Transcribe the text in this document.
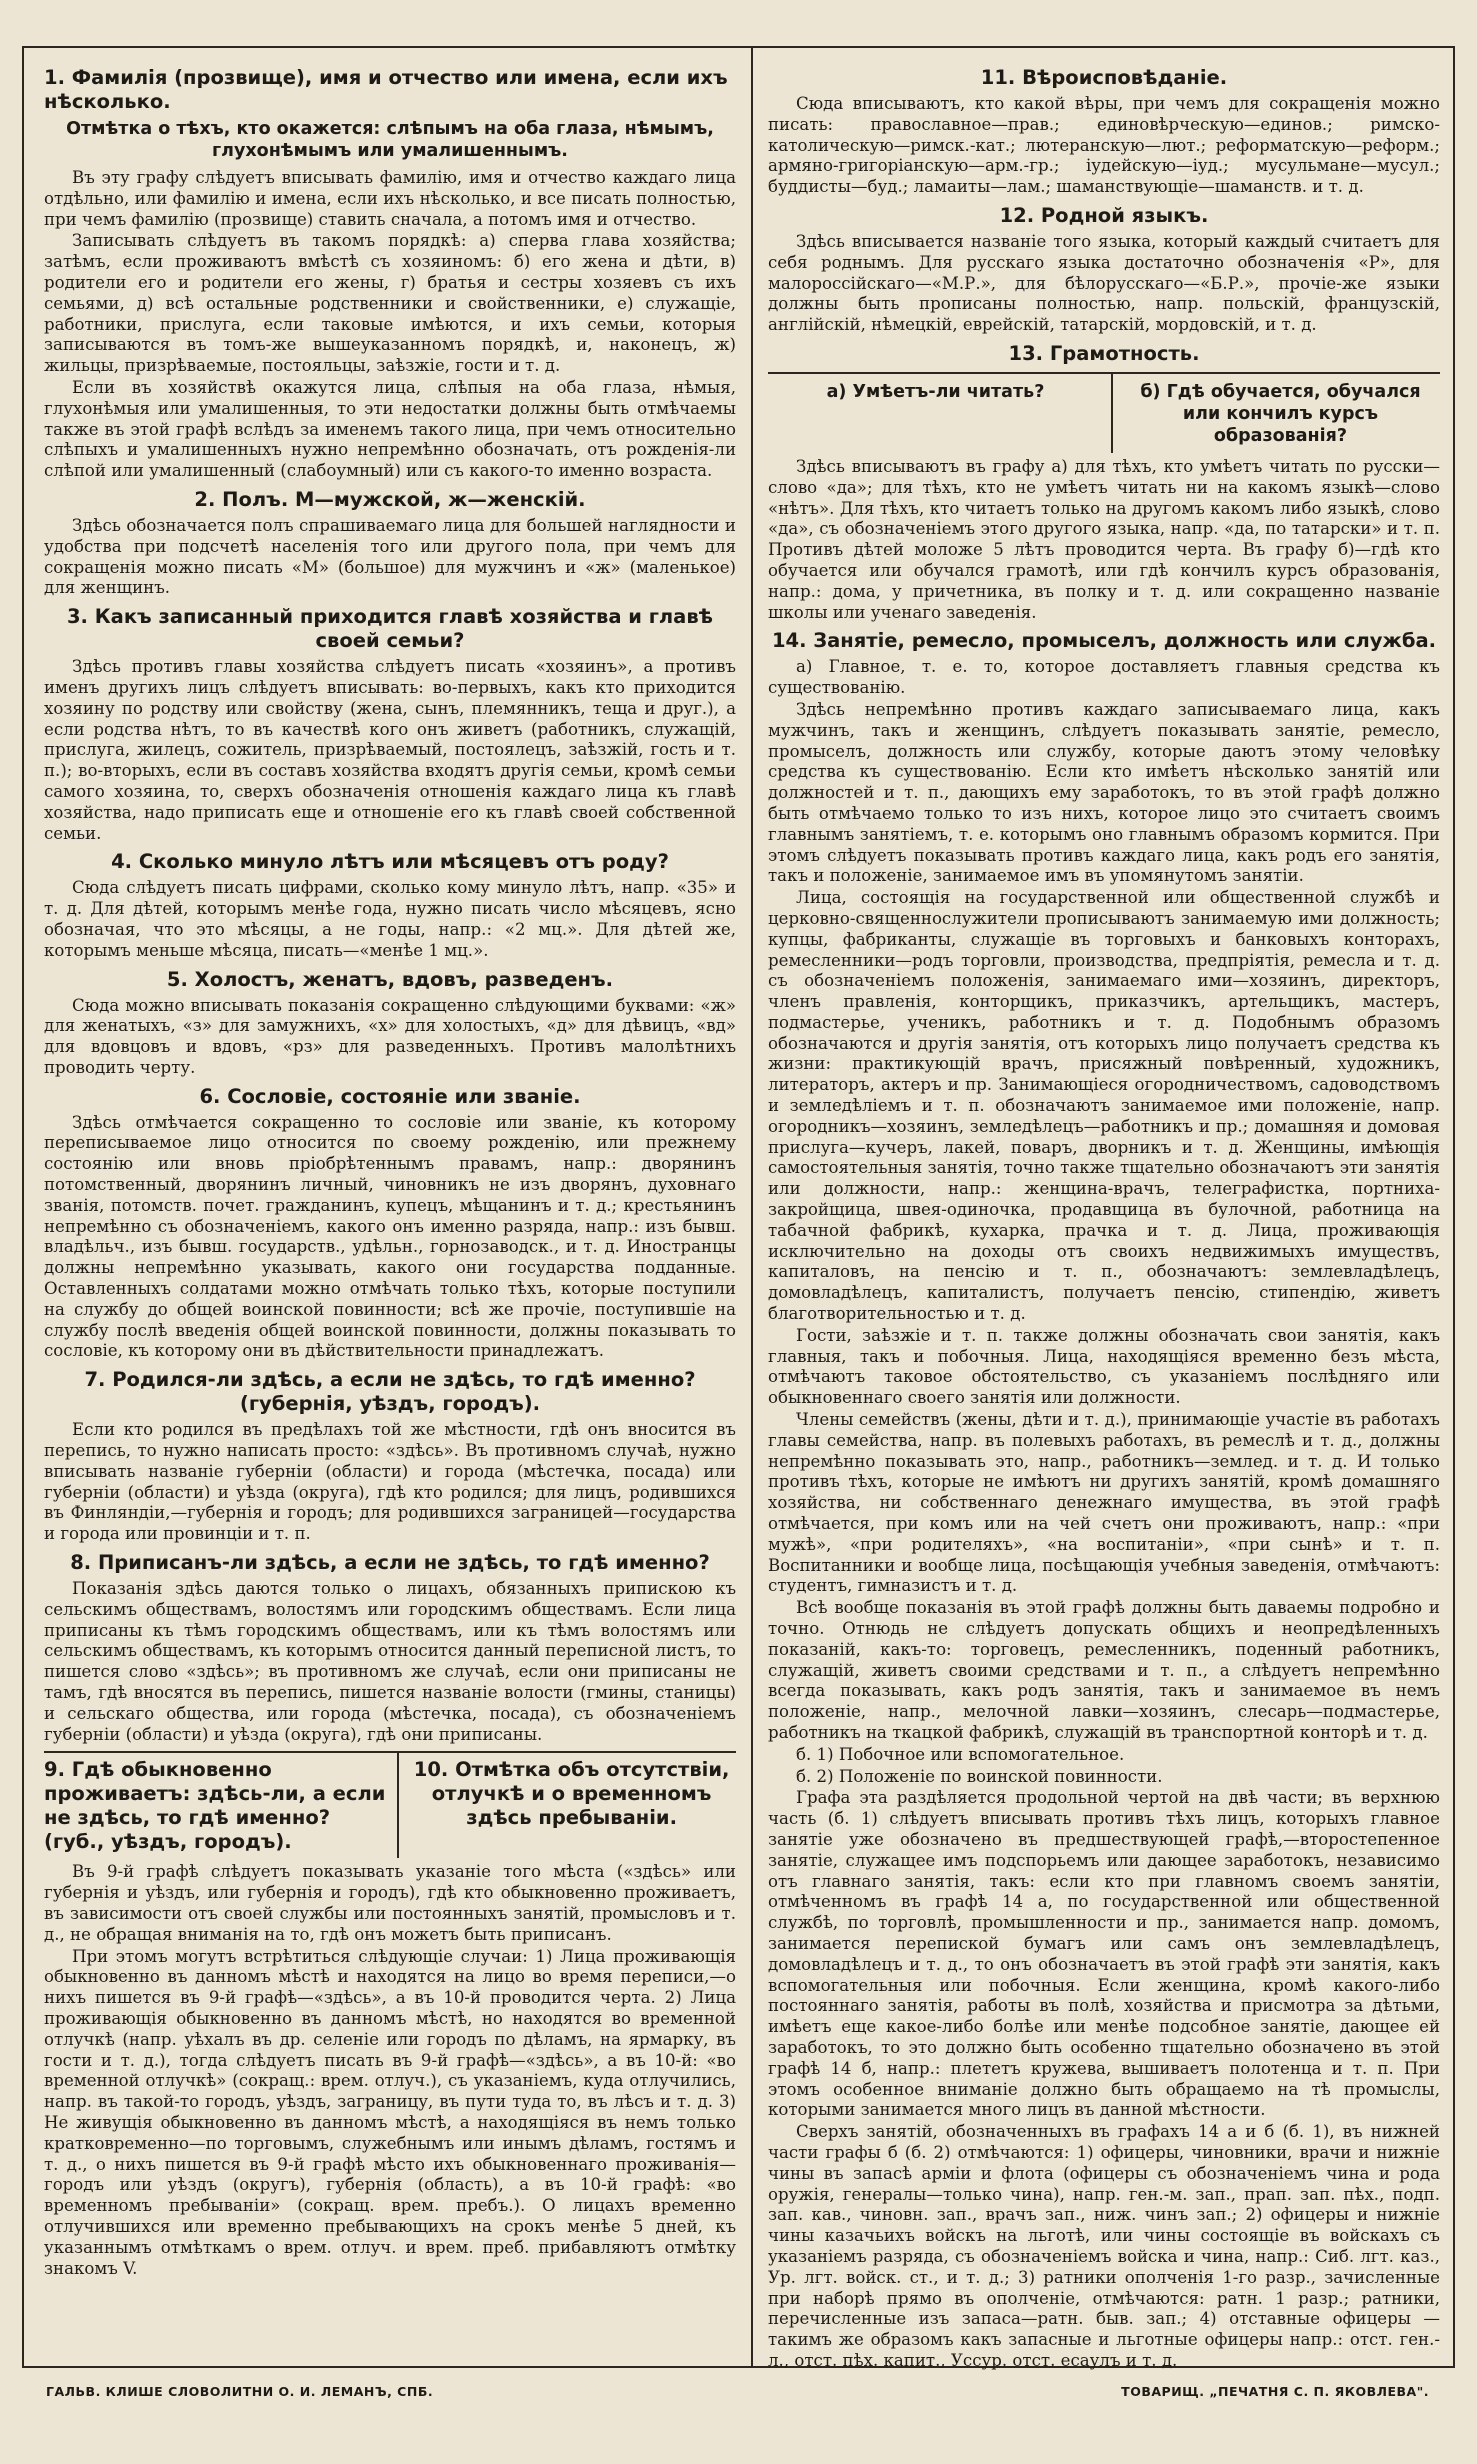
1. Фамилія (прозвище), имя и отчество или имена, если ихъ нѣсколько.
Отмѣтка о тѣхъ, кто окажется: слѣпымъ на оба глаза, нѣмымъ, глухонѣмымъ или умалишеннымъ.

Въ эту графу слѣдуетъ вписывать фамилію, имя и отчество каждаго лица отдѣльно, или фамилію и имена, если ихъ нѣсколько, и все писать полностью, при чемъ фамилію (прозвище) ставить сначала, а потомъ имя и отчество.

Записывать слѣдуетъ въ такомъ порядкѣ: а) сперва глава хозяйства; затѣмъ, если проживаютъ вмѣстѣ съ хозяиномъ: б) его жена и дѣти, в) родители его и родители его жены, г) братья и сестры хозяевъ съ ихъ семьями, д) всѣ остальные родственники и свойственники, е) служащіе, работники, прислуга, если таковые имѣются, и ихъ семьи, которыя записываются въ томъ-же вышеуказанномъ порядкѣ, и, наконецъ, ж) жильцы, призрѣваемые, постояльцы, заѣзжіе, гости и т. д.

Если въ хозяйствѣ окажутся лица, слѣпыя на оба глаза, нѣмыя, глухонѣмыя или умалишенныя, то эти недостатки должны быть отмѣчаемы также въ этой графѣ вслѣдъ за именемъ такого лица, при чемъ относительно слѣпыхъ и умалишенныхъ нужно непремѣнно обозначать, отъ рожденія-ли слѣпой или умалишенный (слабоумный) или съ какого-то именно возраста.

2. Полъ. М—мужской, ж—женскій.

Здѣсь обозначается полъ спрашиваемаго лица для большей наглядности и удобства при подсчетѣ населенія того или другого пола, при чемъ для сокращенія можно писать «М» (большое) для мужчинъ и «ж» (маленькое) для женщинъ.

3. Какъ записанный приходится главѣ хозяйства и главѣ своей семьи?

Здѣсь противъ главы хозяйства слѣдуетъ писать «хозяинъ», а противъ именъ другихъ лицъ слѣдуетъ вписывать: во-первыхъ, какъ кто приходится хозяину по родству или свойству (жена, сынъ, племянникъ, теща и друг.), а если родства нѣтъ, то въ качествѣ кого онъ живетъ (работникъ, служащій, прислуга, жилецъ, сожитель, призрѣваемый, постоялецъ, заѣзжій, гость и т. п.); во-вторыхъ, если въ составъ хозяйства входятъ другія семьи, кромѣ семьи самого хозяина, то, сверхъ обозначенія отношенія каждаго лица къ главѣ хозяйства, надо приписать еще и отношеніе его къ главѣ своей собственной семьи.

4. Сколько минуло лѣтъ или мѣсяцевъ отъ роду?

Сюда слѣдуетъ писать цифрами, сколько кому минуло лѣтъ, напр. «35» и т. д. Для дѣтей, которымъ менѣе года, нужно писать число мѣсяцевъ, ясно обозначая, что это мѣсяцы, а не годы, напр.: «2 мц.». Для дѣтей же, которымъ меньше мѣсяца, писать—«менѣе 1 мц.».

5. Холостъ, женатъ, вдовъ, разведенъ.

Сюда можно вписывать показанія сокращенно слѣдующими буквами: «ж» для женатыхъ, «з» для замужнихъ, «х» для холостыхъ, «д» для дѣвицъ, «вд» для вдовцовъ и вдовъ, «рз» для разведенныхъ. Противъ малолѣтнихъ проводить черту.

6. Сословіе, состояніе или званіе.

Здѣсь отмѣчается сокращенно то сословіе или званіе, къ которому переписываемое лицо относится по своему рожденію, или прежнему состоянію или вновь пріобрѣтеннымъ правамъ, напр.: дворянинъ потомственный, дворянинъ личный, чиновникъ не изъ дворянъ, духовнаго званія, потомств. почет. гражданинъ, купецъ, мѣщанинъ и т. д.; крестьянинъ непремѣнно съ обозначеніемъ, какого онъ именно разряда, напр.: изъ бывш. владѣльч., изъ бывш. государств., удѣльн., горнозаводск., и т. д. Иностранцы должны непремѣнно указывать, какого они государства подданные. Оставленныхъ солдатами можно отмѣчать только тѣхъ, которые поступили на службу до общей воинской повинности; всѣ же прочіе, поступившіе на службу послѣ введенія общей воинской повинности, должны показывать то сословіе, къ которому они въ дѣйствительности принадлежатъ.

7. Родился-ли здѣсь, а если не здѣсь, то гдѣ именно? (губернія, уѣздъ, городъ).

Если кто родился въ предѣлахъ той же мѣстности, гдѣ онъ вносится въ перепись, то нужно написать просто: «здѣсь». Въ противномъ случаѣ, нужно вписывать названіе губерніи (области) и города (мѣстечка, посада) или губерніи (области) и уѣзда (округа), гдѣ кто родился; для лицъ, родившихся въ Финляндіи,—губернія и городъ; для родившихся заграницей—государства и города или провинціи и т. п.

8. Приписанъ-ли здѣсь, а если не здѣсь, то гдѣ именно?

Показанія здѣсь даются только о лицахъ, обязанныхъ припискою къ сельскимъ обществамъ, волостямъ или городскимъ обществамъ. Если лица приписаны къ тѣмъ городскимъ обществамъ, или къ тѣмъ волостямъ или сельскимъ обществамъ, къ которымъ относится данный переписной листъ, то пишется слово «здѣсь»; въ противномъ же случаѣ, если они приписаны не тамъ, гдѣ вносятся въ перепись, пишется названіе волости (гмины, станицы) и сельскаго общества, или города (мѣстечка, посада), съ обозначеніемъ губерніи (области) и уѣзда (округа), гдѣ они приписаны.

9. Гдѣ обыкновенно проживаетъ: здѣсь-ли, а если не здѣсь, то гдѣ именно? (губ., уѣздъ, городъ).
10. Отмѣтка объ отсутствіи, отлучкѣ и о временномъ здѣсь пребываніи.

Въ 9-й графѣ слѣдуетъ показывать указаніе того мѣста («здѣсь» или губернія и уѣздъ, или губернія и городъ), гдѣ кто обыкновенно проживаетъ, въ зависимости отъ своей службы или постоянныхъ занятій, промысловъ и т. д., не обращая вниманія на то, гдѣ онъ можетъ быть приписанъ.

При этомъ могутъ встрѣтиться слѣдующіе случаи: 1) Лица проживающія обыкновенно въ данномъ мѣстѣ и находятся на лицо во время переписи,—о нихъ пишется въ 9-й графѣ—«здѣсь», а въ 10-й проводится черта. 2) Лица проживающія обыкновенно въ данномъ мѣстѣ, но находятся во временной отлучкѣ (напр. уѣхалъ въ др. селеніе или городъ по дѣламъ, на ярмарку, въ гости и т. д.), тогда слѣдуетъ писать въ 9-й графѣ—«здѣсь», а въ 10-й: «во временной отлучкѣ» (сокращ.: врем. отлуч.), съ указаніемъ, куда отлучились, напр. въ такой-то городъ, уѣздъ, заграницу, въ пути туда то, въ лѣсъ и т. д. 3) Не живущія обыкновенно въ данномъ мѣстѣ, а находящіяся въ немъ только кратковременно—по торговымъ, служебнымъ или инымъ дѣламъ, гостямъ и т. д., о нихъ пишется въ 9-й графѣ мѣсто ихъ обыкновеннаго проживанія—городъ или уѣздъ (округъ), губернія (область), а въ 10-й графѣ: «во временномъ пребываніи» (сокращ. врем. пребъ.). О лицахъ временно отлучившихся или временно пребывающихъ на срокъ менѣе 5 дней, къ указаннымъ отмѣткамъ о врем. отлуч. и врем. преб. прибавляютъ отмѣтку знакомъ V.

11. Вѣроисповѣданіе.

Сюда вписываютъ, кто какой вѣры, при чемъ для сокращенія можно писать: православное—прав.; единовѣрческую—единов.; римско-католическую—римск.-кат.; лютеранскую—лют.; реформатскую—реформ.; армяно-григоріанскую—арм.-гр.; іудейскую—іуд.; мусульмане—мусул.; буддисты—буд.; ламаиты—лам.; шаманствующіе—шаманств. и т. д.

12. Родной языкъ.

Здѣсь вписывается названіе того языка, который каждый считаетъ для себя роднымъ. Для русскаго языка достаточно обозначенія «Р», для малороссійскаго—«М.Р.», для бѣлорусскаго—«Б.Р.», прочіе-же языки должны быть прописаны полностью, напр. польскій, французскій, англійскій, нѣмецкій, еврейскій, татарскій, мордовскій, и т. д.

13. Грамотность.
а) Умѣетъ-ли читать?	б) Гдѣ обучается, обучался или кончилъ курсъ образованія?

Здѣсь вписываютъ въ графу а) для тѣхъ, кто умѣетъ читать по русски—слово «да»; для тѣхъ, кто не умѣетъ читать ни на какомъ языкѣ—слово «нѣтъ». Для тѣхъ, кто читаетъ только на другомъ какомъ либо языкѣ, слово «да», съ обозначеніемъ этого другого языка, напр. «да, по татарски» и т. п. Противъ дѣтей моложе 5 лѣтъ проводится черта. Въ графу б)—гдѣ кто обучается или обучался грамотѣ, или гдѣ кончилъ курсъ образованія, напр.: дома, у причетника, въ полку и т. д. или сокращенно названіе школы или ученаго заведенія.

14. Занятіе, ремесло, промыселъ, должность или служба.

а) Главное, т. е. то, которое доставляетъ главныя средства къ существованію.

Здѣсь непремѣнно противъ каждаго записываемаго лица, какъ мужчинъ, такъ и женщинъ, слѣдуетъ показывать занятіе, ремесло, промыселъ, должность или службу, которые даютъ этому человѣку средства къ существованію. Если кто имѣетъ нѣсколько занятій или должностей и т. п., дающихъ ему заработокъ, то въ этой графѣ должно быть отмѣчаемо только то изъ нихъ, которое лицо это считаетъ своимъ главнымъ занятіемъ, т. е. которымъ оно главнымъ образомъ кормится. При этомъ слѣдуетъ показывать противъ каждаго лица, какъ родъ его занятія, такъ и положеніе, занимаемое имъ въ упомянутомъ занятіи.

Лица, состоящія на государственной или общественной службѣ и церковно-священнослужители прописываютъ занимаемую ими должность; купцы, фабриканты, служащіе въ торговыхъ и банковыхъ конторахъ, ремесленники—родъ торговли, производства, предпріятія, ремесла и т. д. съ обозначеніемъ положенія, занимаемаго ими—хозяинъ, директоръ, членъ правленія, конторщикъ, приказчикъ, артельщикъ, мастеръ, подмастерье, ученикъ, работникъ и т. д. Подобнымъ образомъ обозначаются и другія занятія, отъ которыхъ лицо получаетъ средства къ жизни: практикующій врачъ, присяжный повѣренный, художникъ, литераторъ, актеръ и пр. Занимающіеся огородничествомъ, садоводствомъ и земледѣліемъ и т. п. обозначаютъ занимаемое ими положеніе, напр. огородникъ—хозяинъ, земледѣлецъ—работникъ и пр.; домашняя и домовая прислуга—кучеръ, лакей, поваръ, дворникъ и т. д. Женщины, имѣющія самостоятельныя занятія, точно также тщательно обозначаютъ эти занятія или должности, напр.: женщина-врачъ, телеграфистка, портниха-закройщица, швея-одиночка, продавщица въ булочной, работница на табачной фабрикѣ, кухарка, прачка и т. д. Лица, проживающія исключительно на доходы отъ своихъ недвижимыхъ имуществъ, капиталовъ, на пенсію и т. п., обозначаютъ: землевладѣлецъ, домовладѣлецъ, капиталистъ, получаетъ пенсію, стипендію, живетъ благотворительностью и т. д.

Гости, заѣзжіе и т. п. также должны обозначать свои занятія, какъ главныя, такъ и побочныя. Лица, находящіяся временно безъ мѣста, отмѣчаютъ таковое обстоятельство, съ указаніемъ послѣдняго или обыкновеннаго своего занятія или должности.

Члены семействъ (жены, дѣти и т. д.), принимающіе участіе въ работахъ главы семейства, напр. въ полевыхъ работахъ, въ ремеслѣ и т. д., должны непремѣнно показывать это, напр., работникъ—землед. и т. д. И только противъ тѣхъ, которые не имѣютъ ни другихъ занятій, кромѣ домашняго хозяйства, ни собственнаго денежнаго имущества, въ этой графѣ отмѣчается, при комъ или на чей счетъ они проживаютъ, напр.: «при мужѣ», «при родителяхъ», «на воспитаніи», «при сынѣ» и т. п. Воспитанники и вообще лица, посѣщающія учебныя заведенія, отмѣчаютъ: студентъ, гимназистъ и т. д.

Всѣ вообще показанія въ этой графѣ должны быть даваемы подробно и точно. Отнюдь не слѣдуетъ допускать общихъ и неопредѣленныхъ показаній, какъ-то: торговецъ, ремесленникъ, поденный работникъ, служащій, живетъ своими средствами и т. п., а слѣдуетъ непремѣнно всегда показывать, какъ родъ занятія, такъ и занимаемое въ немъ положеніе, напр., мелочной лавки—хозяинъ, слесарь—подмастерье, работникъ на ткацкой фабрикѣ, служащій въ транспортной конторѣ и т. д.

б. 1) Побочное или вспомогательное.

б. 2) Положеніе по воинской повинности.

Графа эта раздѣляется продольной чертой на двѣ части; въ верхнюю часть (б. 1) слѣдуетъ вписывать противъ тѣхъ лицъ, которыхъ главное занятіе уже обозначено въ предшествующей графѣ,—второстепенное занятіе, служащее имъ подспорьемъ или дающее заработокъ, независимо отъ главнаго занятія, такъ: если кто при главномъ своемъ занятіи, отмѣченномъ въ графѣ 14 а, по государственной или общественной службѣ, по торговлѣ, промышленности и пр., занимается напр. домомъ, занимается перепиской бумагъ или самъ онъ землевладѣлецъ, домовладѣлецъ и т. д., то онъ обозначаетъ въ этой графѣ эти занятія, какъ вспомогательныя или побочныя. Если женщина, кромѣ какого-либо постояннаго занятія, работы въ полѣ, хозяйства и присмотра за дѣтьми, имѣетъ еще какое-либо болѣе или менѣе подсобное занятіе, дающее ей заработокъ, то это должно быть особенно тщательно обозначено въ этой графѣ 14 б, напр.: плететъ кружева, вышиваетъ полотенца и т. п. При этомъ особенное вниманіе должно быть обращаемо на тѣ промыслы, которыми занимается много лицъ въ данной мѣстности.

Сверхъ занятій, обозначенныхъ въ графахъ 14 а и б (б. 1), въ нижней части графы б (б. 2) отмѣчаются: 1) офицеры, чиновники, врачи и нижніе чины въ запасѣ арміи и флота (офицеры съ обозначеніемъ чина и рода оружія, генералы—только чина), напр. ген.-м. зап., прап. зап. пѣх., подп. зап. кав., чиновн. зап., врачъ зап., ниж. чинъ зап.; 2) офицеры и нижніе чины казачьихъ войскъ на льготѣ, или чины состоящіе въ войскахъ съ указаніемъ разряда, съ обозначеніемъ войска и чина, напр.: Сиб. лгт. каз., Ур. лгт. войск. ст., и т. д.; 3) ратники ополченія 1-го разр., зачисленные при наборѣ прямо въ ополченіе, отмѣчаются: ратн. 1 разр.; ратники, перечисленные изъ запаса—ратн. быв. зап.; 4) отставные офицеры — такимъ же образомъ какъ запасные и льготные офицеры напр.: отст. ген.-л., отст. пѣх. капит., Уссур. отст. есаулъ и т. д.

ГАЛЬВ. КЛИШЕ СЛОВОЛИТНИ О. И. ЛЕМАНЪ, СПБ.	ТОВАРИЩ. „ПЕЧАТНЯ С. П. ЯКОВЛЕВА".
